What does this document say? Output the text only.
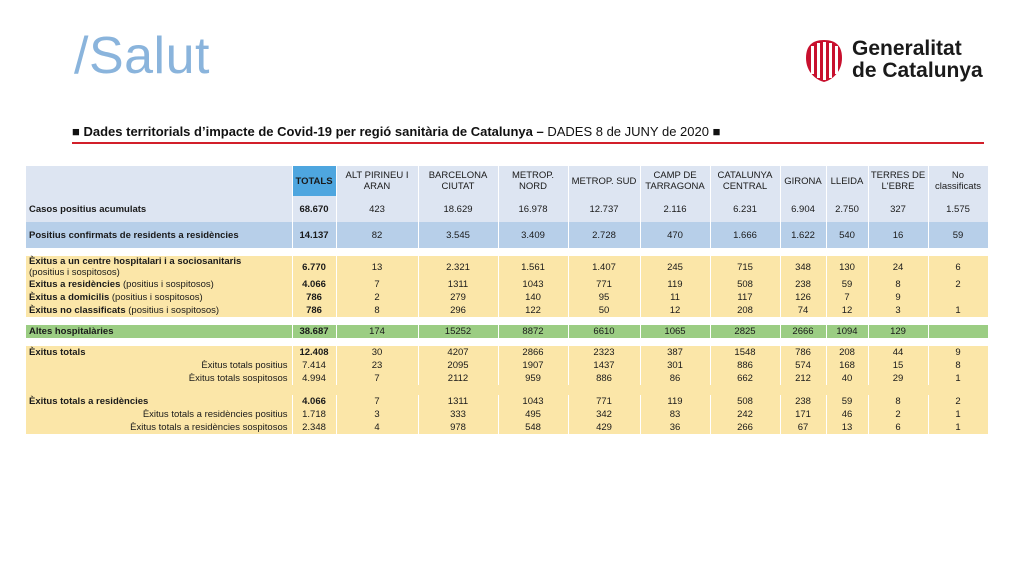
/Salut	Generalitat
de Catalunya
■ Dades territorials d’impacte de Covid-19 per regió sanitària de Catalunya – DADES 8 de JUNY de 2020 ■
	TOTALS	ALT PIRINEU I ARAN	BARCELONA CIUTAT	METROP. NORD	METROP. SUD	CAMP DE TARRAGONA	CATALUNYA CENTRAL	GIRONA	LLEIDA	TERRES DE L'EBRE	No classificats
Casos positius acumulats	68.670	423	18.629	16.978	12.737	2.116	6.231	6.904	2.750	327	1.575
Positius confirmats de residents a residències	14.137	82	3.545	3.409	2.728	470	1.666	1.622	540	16	59

Èxitus a un centre hospitalari i a sociosanitaris
(positius i sospitosos)	6.770	13	2.321	1.561	1.407	245	715	348	130	24	6
Exitus a residències (positius i sospitosos)	4.066	7	1311	1043	771	119	508	238	59	8	2
Èxitus a domicilis (positius i sospitosos)	786	2	279	140	95	11	117	126	7	9	
Èxitus no classificats (positius i sospitosos)	786	8	296	122	50	12	208	74	12	3	1

Altes hospitalàries	38.687	174	15252	8872	6610	1065	2825	2666	1094	129	

Èxitus totals	12.408	30	4207	2866	2323	387	1548	786	208	44	9
Èxitus totals positius	7.414	23	2095	1907	1437	301	886	574	168	15	8
Èxitus totals sospitosos	4.994	7	2112	959	886	86	662	212	40	29	1

Èxitus totals a residències	4.066	7	1311	1043	771	119	508	238	59	8	2
Èxitus totals a residències positius	1.718	3	333	495	342	83	242	171	46	2	1
Èxitus totals a residències sospitosos	2.348	4	978	548	429	36	266	67	13	6	1
